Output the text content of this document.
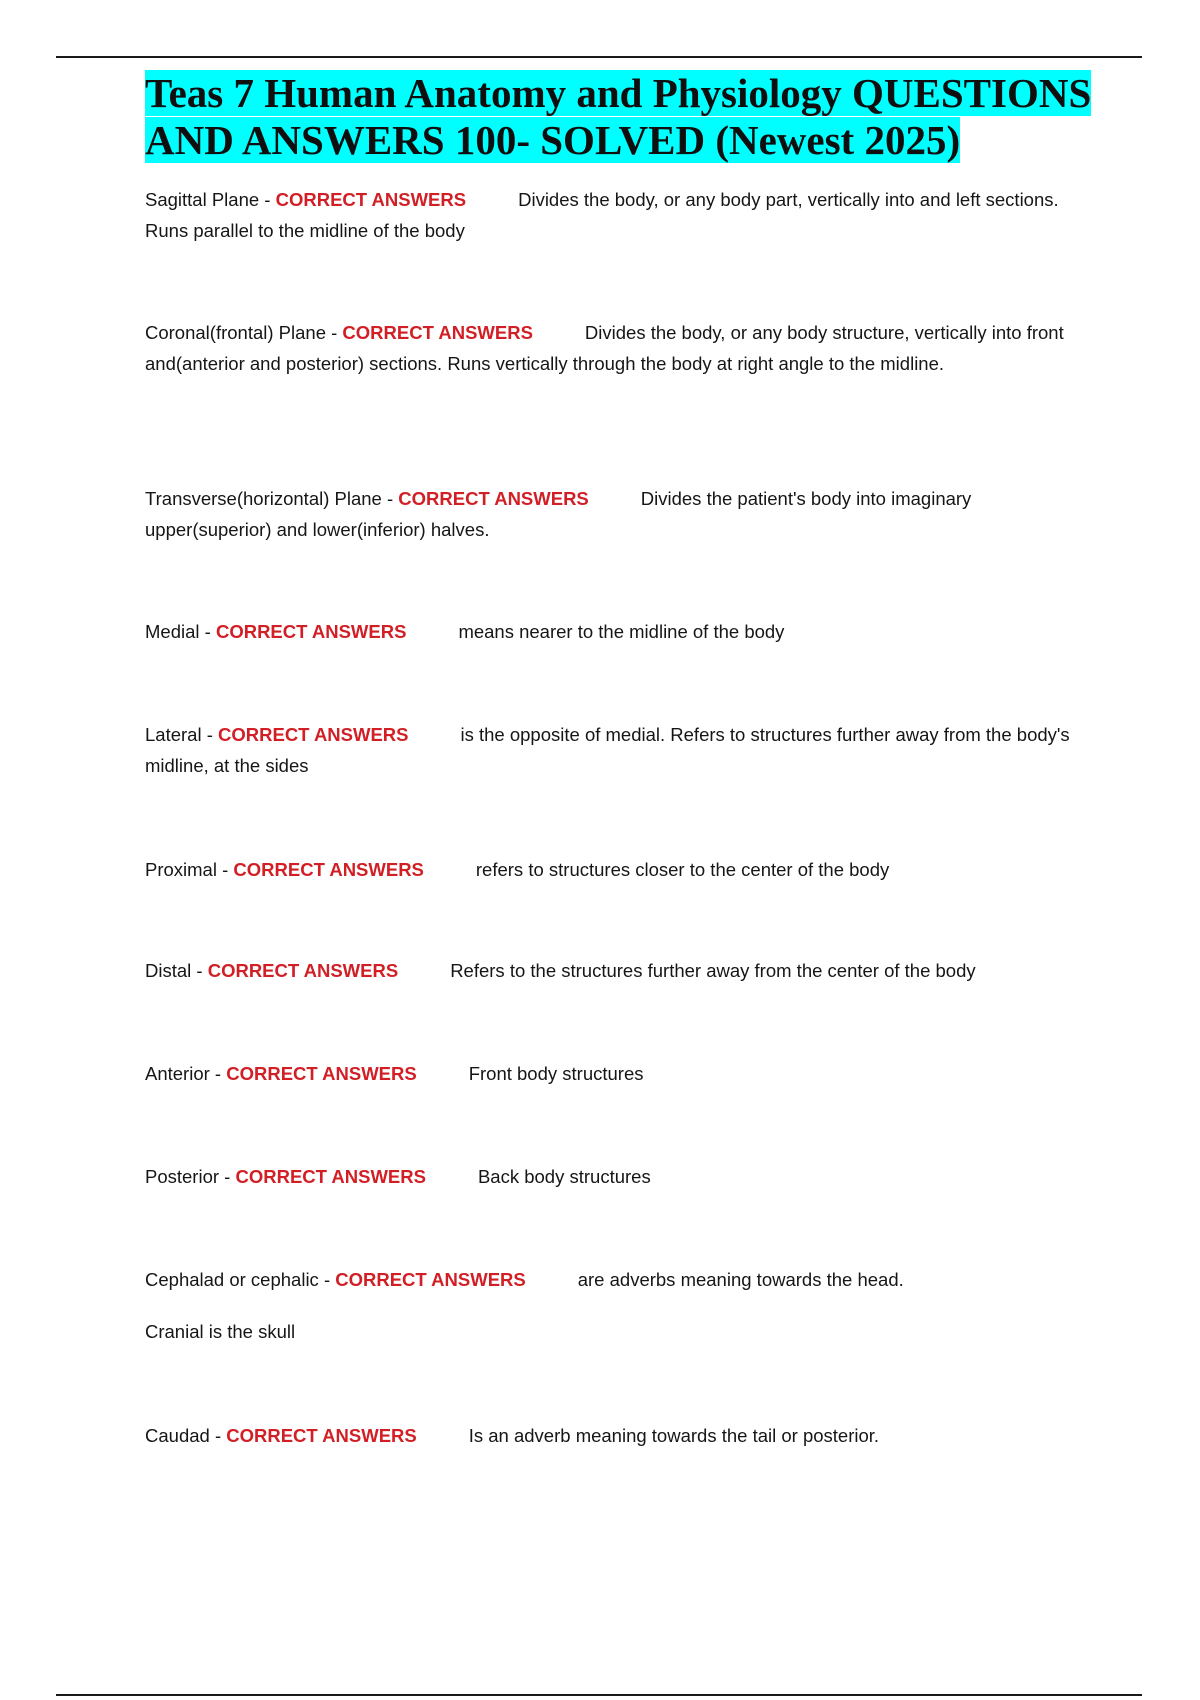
Teas 7 Human Anatomy and Physiology QUESTIONS AND ANSWERS 100- SOLVED (Newest 2025)
Sagittal Plane - CORRECT ANSWERS	Divides the body, or any body part, vertically into and left sections. Runs parallel to the midline of the body
Coronal(frontal) Plane - CORRECT ANSWERS	Divides the body, or any body structure, vertically into front and(anterior and posterior) sections. Runs vertically through the body at right angle to the midline.
Transverse(horizontal) Plane - CORRECT ANSWERS	Divides the patient's body into imaginary upper(superior) and lower(inferior) halves.
Medial - CORRECT ANSWERS	means nearer to the midline of the body
Lateral - CORRECT ANSWERS	is the opposite of medial. Refers to structures further away from the body's midline, at the sides
Proximal - CORRECT ANSWERS	refers to structures closer to the center of the body
Distal - CORRECT ANSWERS	Refers to the structures further away from the center of the body
Anterior - CORRECT ANSWERS	Front body structures
Posterior - CORRECT ANSWERS	Back body structures
Cephalad or cephalic - CORRECT ANSWERS	are adverbs meaning towards the head.
Cranial is the skull
Caudad - CORRECT ANSWERS	Is an adverb meaning towards the tail or posterior.
